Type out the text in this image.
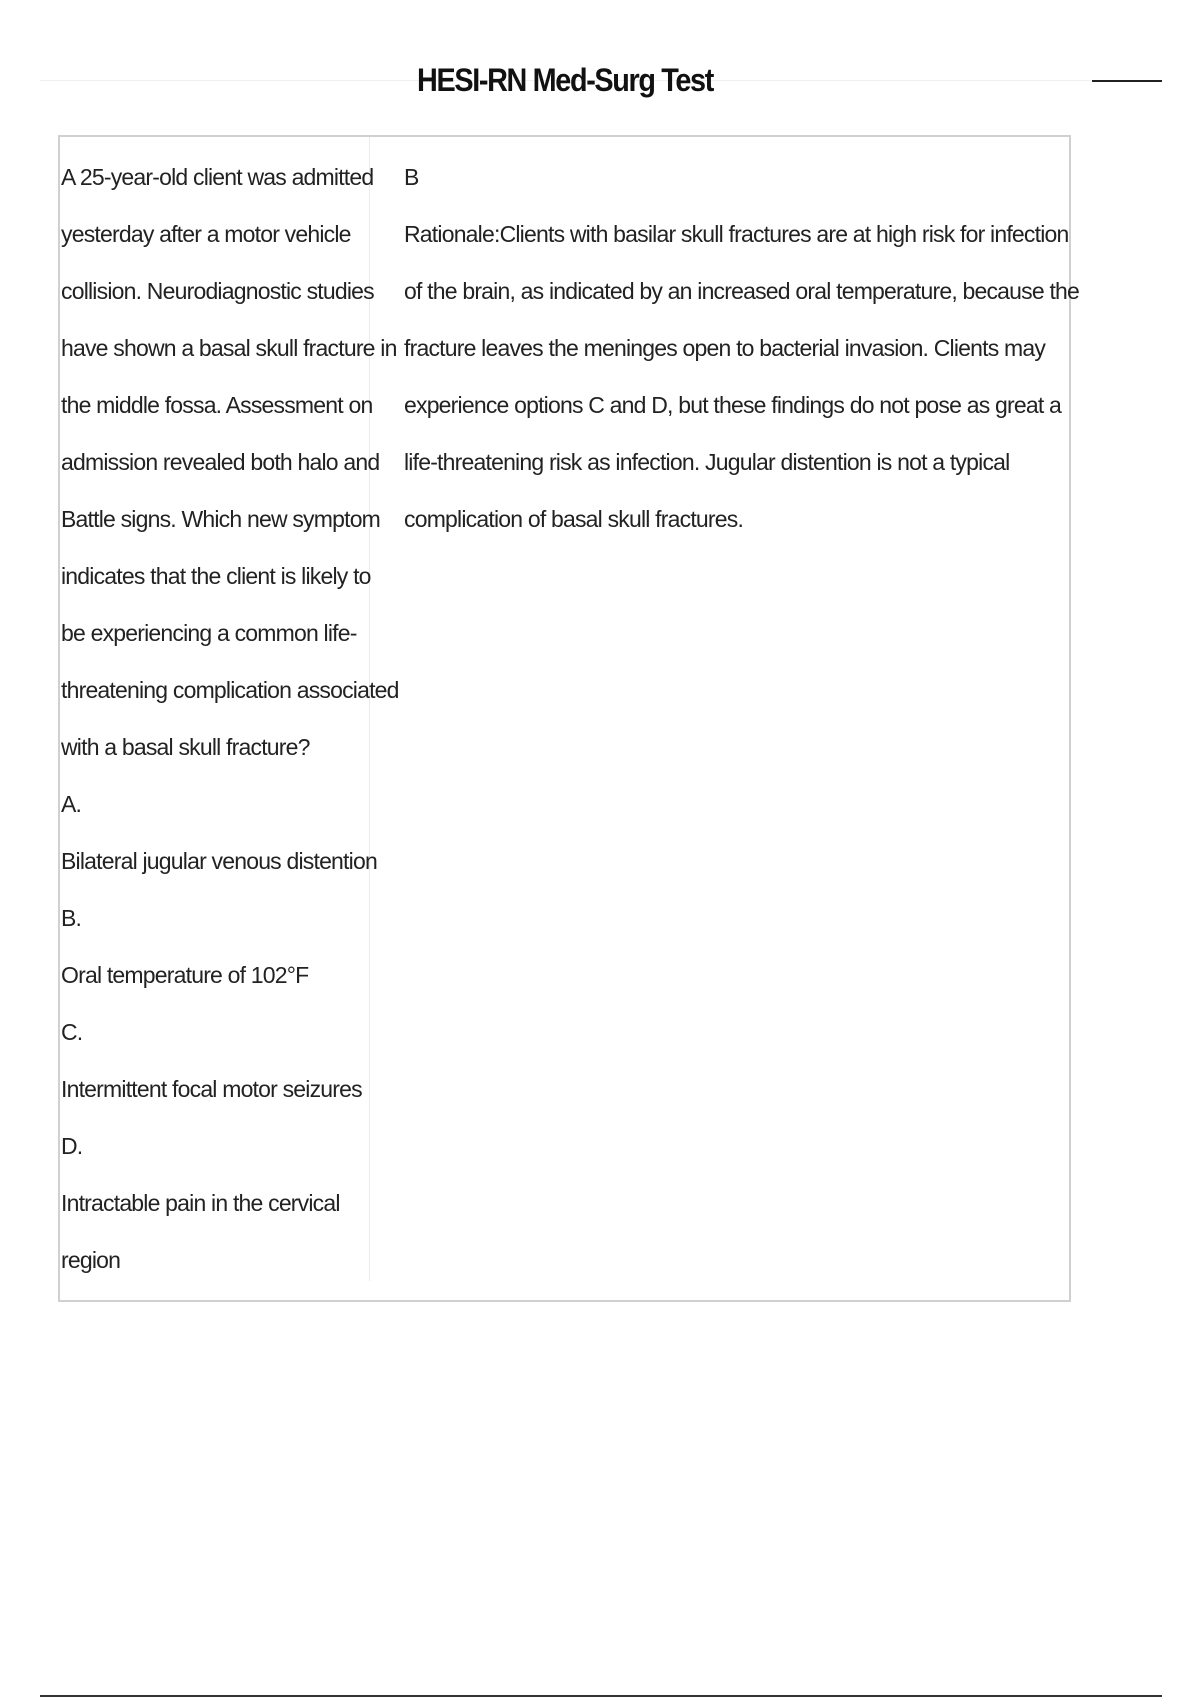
HESI-RN Med-Surg Test
A 25-year-old client was admitted
yesterday after a motor vehicle
collision. Neurodiagnostic studies
have shown a basal skull fracture in
the middle fossa. Assessment on
admission revealed both halo and
Battle signs. Which new symptom
indicates that the client is likely to
be experiencing a common life-
threatening complication associated
with a basal skull fracture?
A.
Bilateral jugular venous distention
B.
Oral temperature of 102°F
C.
Intermittent focal motor seizures
D.
Intractable pain in the cervical
region
B
Rationale:Clients with basilar skull fractures are at high risk for infection
of the brain, as indicated by an increased oral temperature, because the
fracture leaves the meninges open to bacterial invasion. Clients may
experience options C and D, but these findings do not pose as great a
life-threatening risk as infection. Jugular distention is not a typical
complication of basal skull fractures.
